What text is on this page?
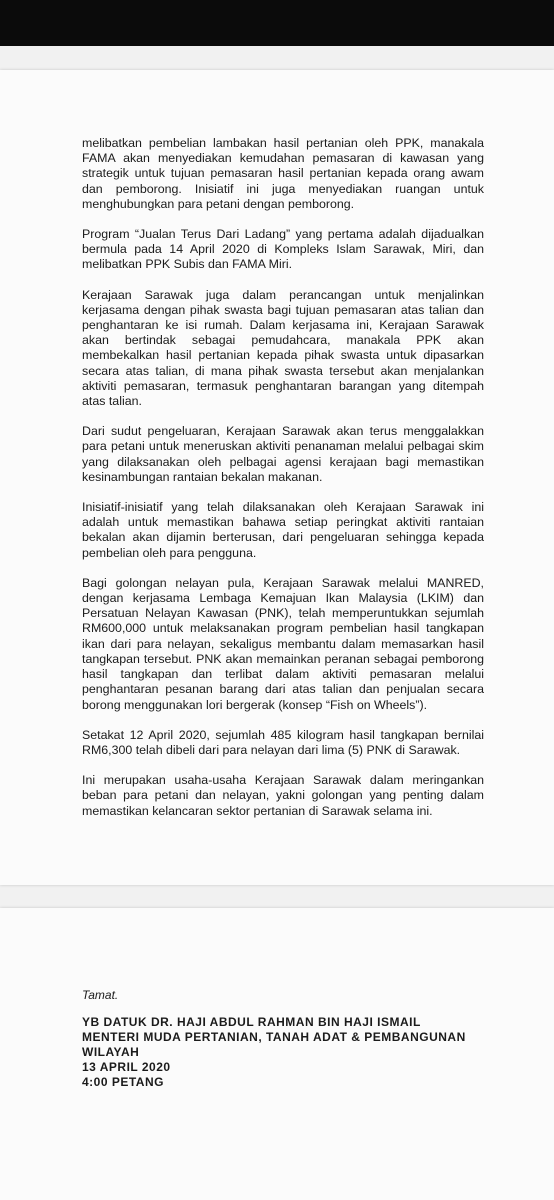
melibatkan pembelian lambakan hasil pertanian oleh PPK, manakala FAMA akan menyediakan kemudahan pemasaran di kawasan yang strategik untuk tujuan pemasaran hasil pertanian kepada orang awam dan pemborong. Inisiatif ini juga menyediakan ruangan untuk menghubungkan para petani dengan pemborong.

Program “Jualan Terus Dari Ladang” yang pertama adalah dijadualkan bermula pada 14 April 2020 di Kompleks Islam Sarawak, Miri, dan melibatkan PPK Subis dan FAMA Miri.

Kerajaan Sarawak juga dalam perancangan untuk menjalinkan kerjasama dengan pihak swasta bagi tujuan pemasaran atas talian dan penghantaran ke isi rumah. Dalam kerjasama ini, Kerajaan Sarawak akan bertindak sebagai pemudahcara, manakala PPK akan membekalkan hasil pertanian kepada pihak swasta untuk dipasarkan secara atas talian, di mana pihak swasta tersebut akan menjalankan aktiviti pemasaran, termasuk penghantaran barangan yang ditempah atas talian.

Dari sudut pengeluaran, Kerajaan Sarawak akan terus menggalakkan para petani untuk meneruskan aktiviti penanaman melalui pelbagai skim yang dilaksanakan oleh pelbagai agensi kerajaan bagi memastikan kesinambungan rantaian bekalan makanan.

Inisiatif-inisiatif yang telah dilaksanakan oleh Kerajaan Sarawak ini adalah untuk memastikan bahawa setiap peringkat aktiviti rantaian bekalan akan dijamin berterusan, dari pengeluaran sehingga kepada pembelian oleh para pengguna.

Bagi golongan nelayan pula, Kerajaan Sarawak melalui MANRED, dengan kerjasama Lembaga Kemajuan Ikan Malaysia (LKIM) dan Persatuan Nelayan Kawasan (PNK), telah memperuntukkan sejumlah RM600,000 untuk melaksanakan program pembelian hasil tangkapan ikan dari para nelayan, sekaligus membantu dalam memasarkan hasil tangkapan tersebut. PNK akan memainkan peranan sebagai pemborong hasil tangkapan dan terlibat dalam aktiviti pemasaran melalui penghantaran pesanan barang dari atas talian dan penjualan secara borong menggunakan lori bergerak (konsep “Fish on Wheels”).

Setakat 12 April 2020, sejumlah 485 kilogram hasil tangkapan bernilai RM6,300 telah dibeli dari para nelayan dari lima (5) PNK di Sarawak.

Ini merupakan usaha-usaha Kerajaan Sarawak dalam meringankan beban para petani dan nelayan, yakni golongan yang penting dalam memastikan kelancaran sektor pertanian di Sarawak selama ini.

Tamat.

YB DATUK DR. HAJI ABDUL RAHMAN BIN HAJI ISMAIL

MENTERI MUDA PERTANIAN, TANAH ADAT & PEMBANGUNAN WILAYAH

13 APRIL 2020

4:00 PETANG
